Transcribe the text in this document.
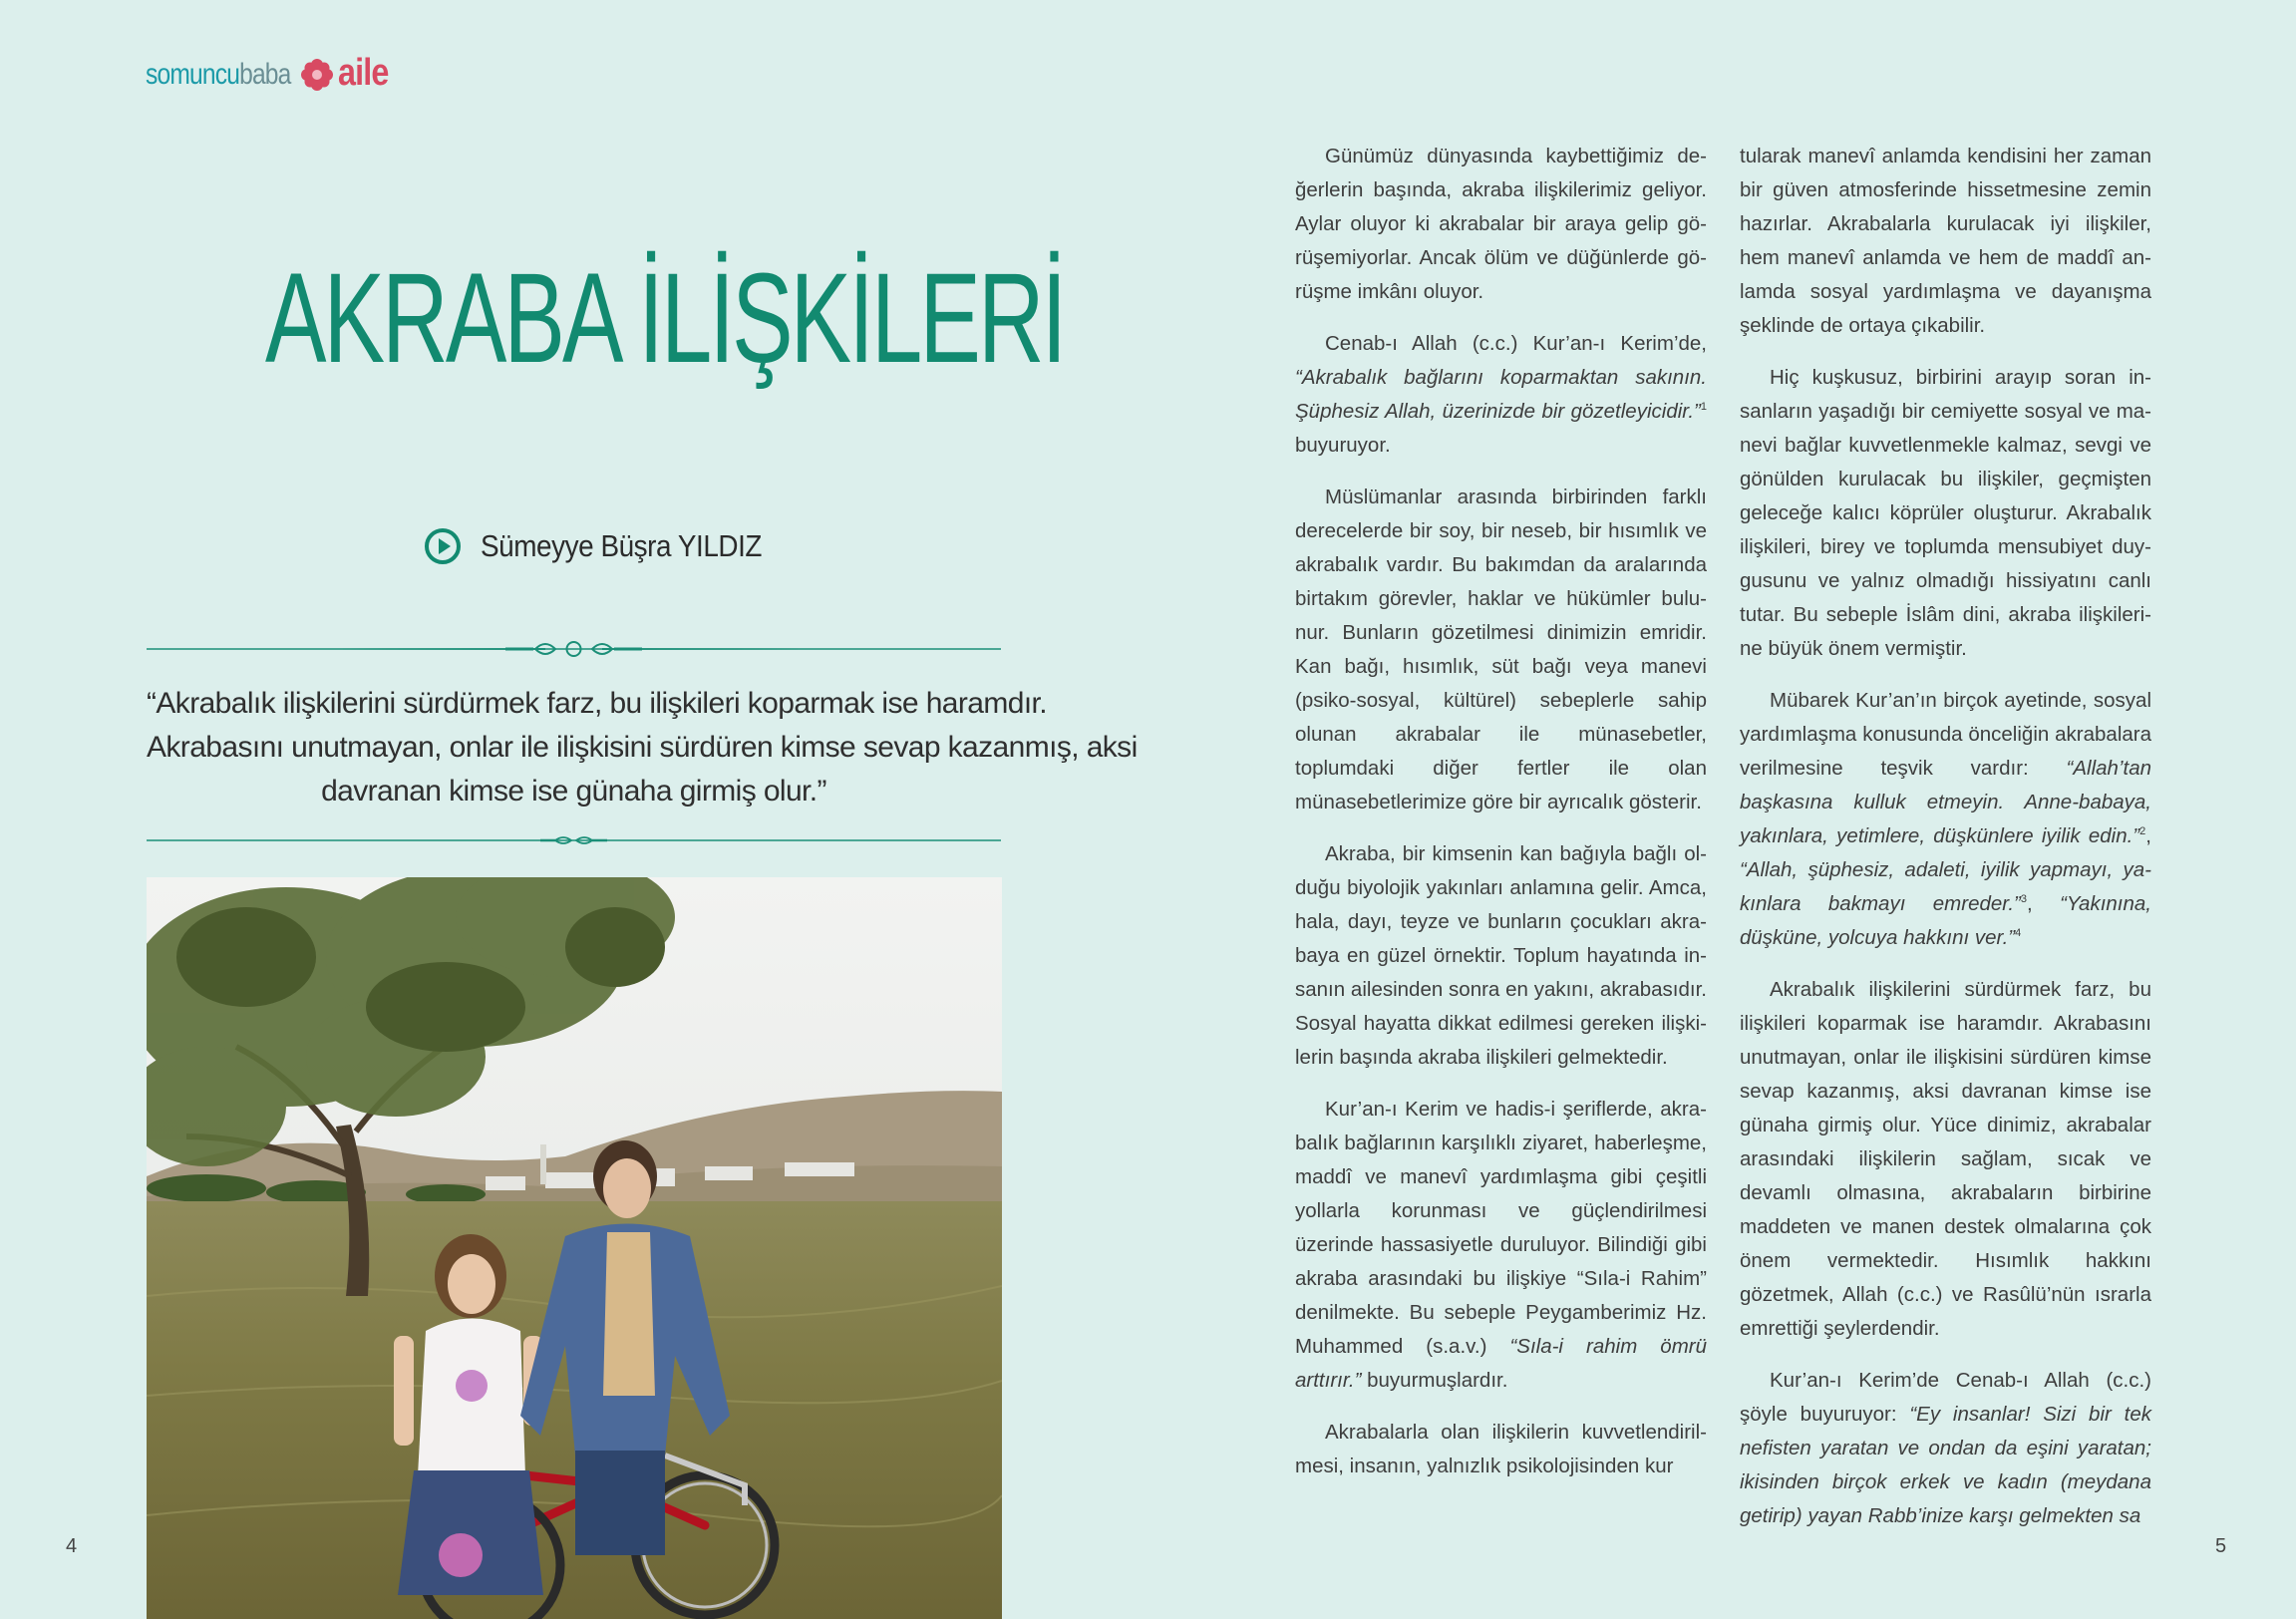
somuncubaba aile
AKRABA İLİŞKİLERİ
Sümeyye Büşra YILDIZ
“Akrabalık ilişkilerini sürdürmek farz, bu ilişkileri koparmak ise haramdır.
Akrabasını unutmayan, onlar ile ilişkisini sürdüren kimse sevap kazanmış, aksi
davranan kimse ise günaha girmiş olur.”

Günümüz dünyasında kaybettiğimiz değerlerin başında, akraba ilişkilerimiz geliyor. Aylar oluyor ki akrabalar bir araya gelip görüşemiyorlar. Ancak ölüm ve düğünlerde görüşme imkânı oluyor.

Cenab-ı Allah (c.c.) Kur’an-ı Kerim’de, “Akrabalık bağlarını koparmaktan sakının. Şüphesiz Allah, üzerinizde bir gözetleyicidir.”$^1$ buyuruyor.

Müslümanlar arasında birbirinden farklı derecelerde bir soy, bir neseb, bir hısımlık ve akrabalık vardır. Bu bakımdan da aralarında birtakım görevler, haklar ve hükümler bulunur. Bunların gözetilmesi dinimizin emridir. Kan bağı, hısımlık, süt bağı veya manevi (psiko-sosyal, kültürel) sebeplerle sahip olunan akrabalar ile münasebetler, toplumdaki diğer fertler ile olan münasebetlerimize göre bir ayrıcalık gösterir.

Akraba, bir kimsenin kan bağıyla bağlı olduğu biyolojik yakınları anlamına gelir. Amca, hala, dayı, teyze ve bunların çocukları akrabaya en güzel örnektir. Toplum hayatında insanın ailesinden sonra en yakını, akrabasıdır. Sosyal hayatta dikkat edilmesi gereken ilişkilerin başında akraba ilişkileri gelmektedir.

Kur’an-ı Kerim ve hadis-i şeriflerde, akrabalık bağlarının karşılıklı ziyaret, haberleşme, maddî ve manevî yardımlaşma gibi çeşitli yollarla korunması ve güçlendirilmesi üzerinde hassasiyetle duruluyor. Bilindiği gibi akraba arasındaki bu ilişkiye “Sıla-i Rahim” denilmekte. Bu sebeple Peygamberimiz Hz. Muhammed (s.a.v.) “Sıla-i rahim ömrü arttırır.” buyurmuşlardır.

Akrabalarla olan ilişkilerin kuvvetlendirilmesi, insanın, yalnızlık psikolojisinden kur

tularak manevî anlamda kendisini her zaman bir güven atmosferinde hissetmesine zemin hazırlar. Akrabalarla kurulacak iyi ilişkiler, hem manevî anlamda ve hem de maddî anlamda sosyal yardımlaşma ve dayanışma şeklinde de ortaya çıkabilir.

Hiç kuşkusuz, birbirini arayıp soran insanların yaşadığı bir cemiyette sosyal ve manevi bağlar kuvvetlenmekle kalmaz, sevgi ve gönülden kurulacak bu ilişkiler, geçmişten geleceğe kalıcı köprüler oluşturur. Akrabalık ilişkileri, birey ve toplumda mensubiyet duygusunu ve yalnız olmadığı hissiyatını canlı tutar. Bu sebeple İslâm dini, akraba ilişkilerine büyük önem vermiştir.

Mübarek Kur’an’ın birçok ayetinde, sosyal yardımlaşma konusunda önceliğin akrabalara verilmesine teşvik vardır: “Allah’tan başkasına kulluk etmeyin. Anne-babaya, yakınlara, yetimlere, düşkünlere iyilik edin.”$^2$, “Allah, şüphesiz, adaleti, iyilik yapmayı, yakınlara bakmayı emreder.”$^3$, “Yakınına, düşküne, yolcuya hakkını ver.”$^4$

Akrabalık ilişkilerini sürdürmek farz, bu ilişkileri koparmak ise haramdır. Akrabasını unutmayan, onlar ile ilişkisini sürdüren kimse sevap kazanmış, aksi davranan kimse ise günaha girmiş olur. Yüce dinimiz, akrabalar arasındaki ilişkilerin sağlam, sıcak ve devamlı olmasına, akrabaların birbirine maddeten ve manen destek olmalarına çok önem vermektedir. Hısımlık hakkını gözetmek, Allah (c.c.) ve Rasûlü’nün ısrarla emrettiği şeylerdendir.

Kur’an-ı Kerim’de Cenab-ı Allah (c.c.) şöyle buyuruyor: “Ey insanlar! Sizi bir tek nefisten yaratan ve ondan da eşini yaratan; ikisinden birçok erkek ve kadın (meydana getirip) yayan Rabb’inize karşı gelmekten sa

4	5
